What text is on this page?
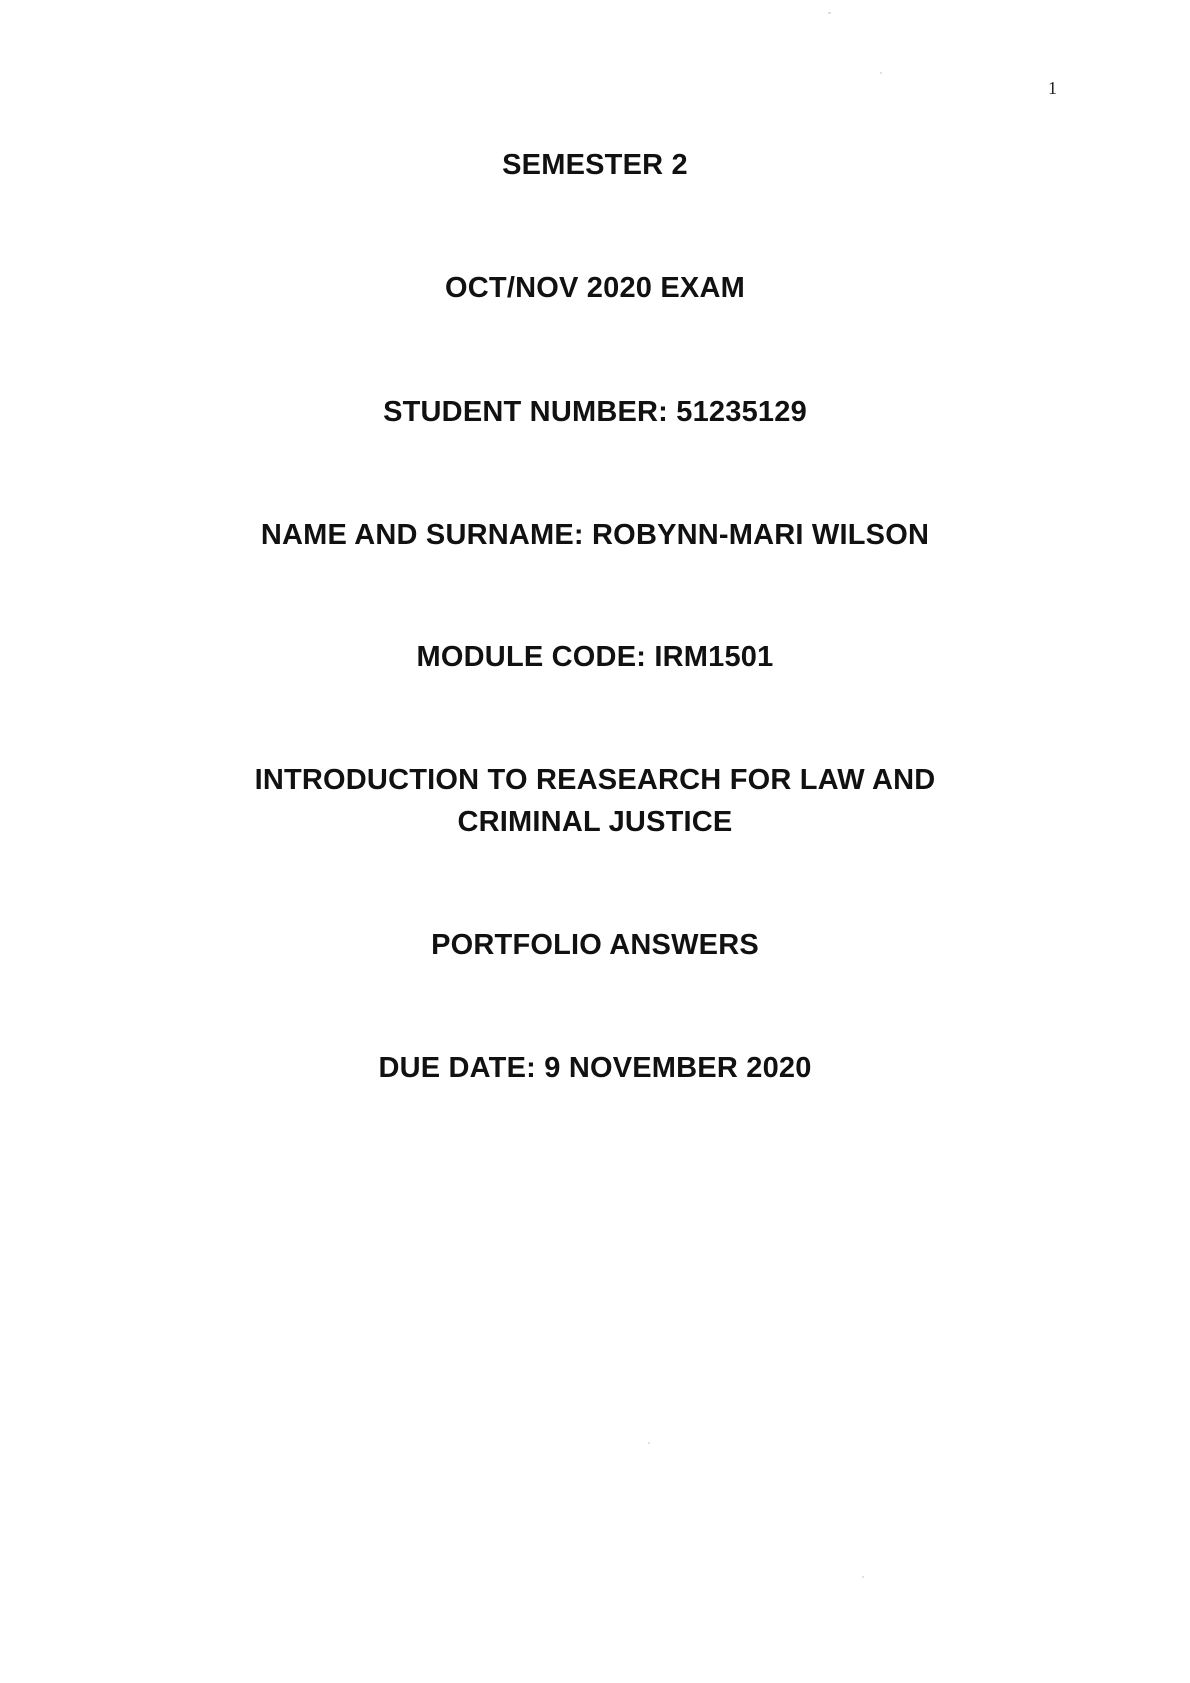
1
SEMESTER 2
OCT/NOV 2020 EXAM
STUDENT NUMBER: 51235129
NAME AND SURNAME: ROBYNN-MARI WILSON
MODULE CODE: IRM1501
INTRODUCTION TO REASEARCH FOR LAW AND
CRIMINAL JUSTICE
PORTFOLIO ANSWERS
DUE DATE: 9 NOVEMBER 2020
